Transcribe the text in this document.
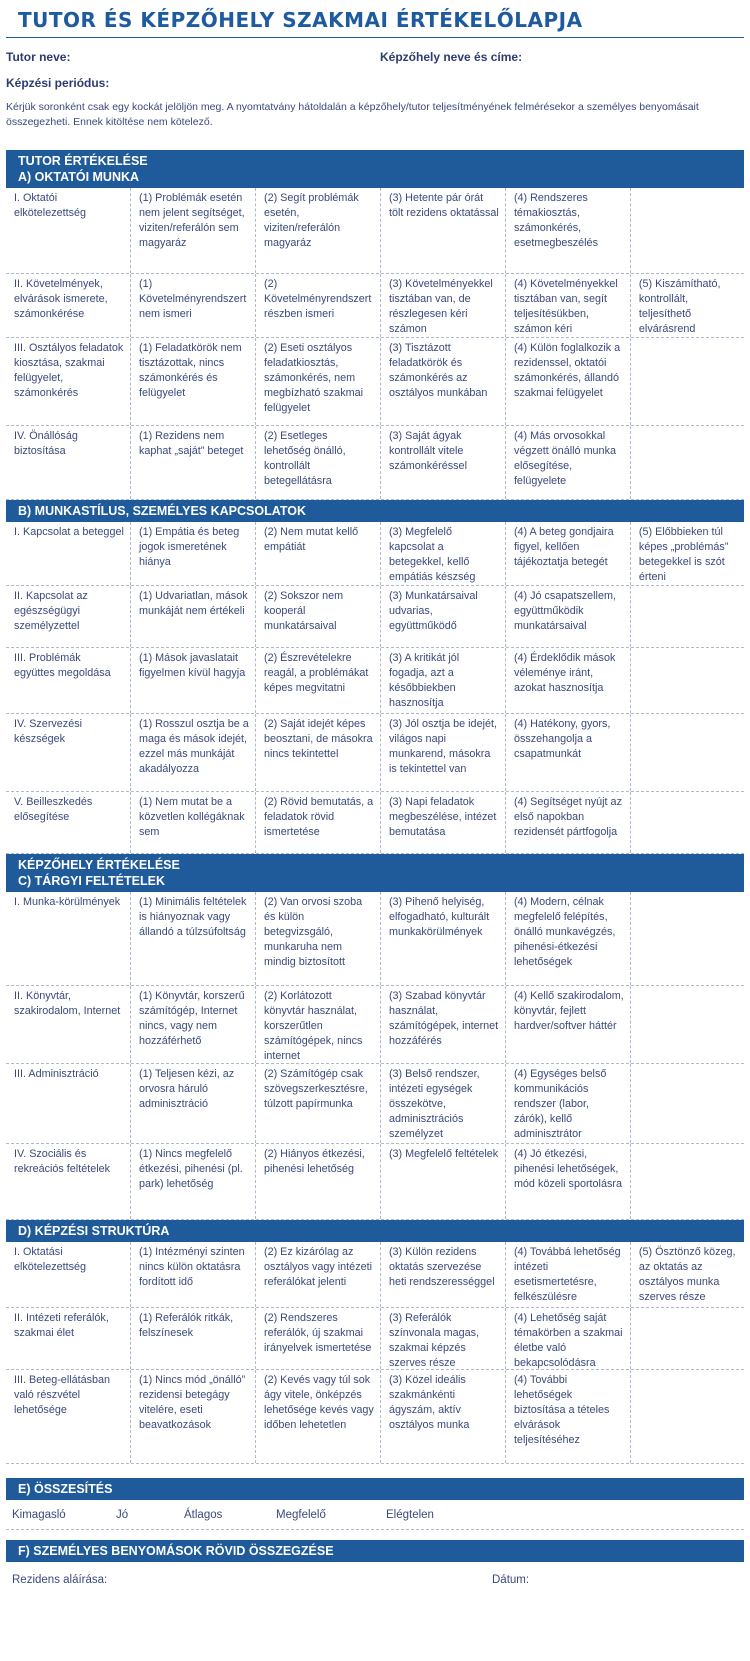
TUTOR ÉS KÉPZŐHELY SZAKMAI ÉRTÉKELŐLAPJA
Tutor neve:	Képzőhely neve és címe:
Képzési periódus:
Kérjük soronként csak egy kockát jelöljön meg. A nyomtatvány hátoldalán a képzőhely/tutor teljesítményének felmérésekor a személyes benyomásait összegezheti. Ennek kitöltése nem kötelező.
TUTOR ÉRTÉKELÉSE
A) OKTATÓI MUNKA
I. Oktatói elkötelezettség
(1) Problémák esetén nem jelent segítséget, viziten/referálón sem magyaráz
(2) Segít problémák esetén, viziten/referálón magyaráz
(3) Hetente pár órát tölt rezidens oktatással
(4) Rendszeres témakiosztás, számonkérés, esetmegbeszélés
II. Követelmények, elvárások ismerete, számonkérése
(1) Követelményrendszert nem ismeri
(2) Követelményrendszert részben ismeri
(3) Követelményekkel tisztában van, de részlegesen kéri számon
(4) Követelményekkel tisztában van, segít teljesítésükben, számon kéri
(5) Kiszámítható, kontrollált, teljesíthető elvárásrend
III. Osztályos feladatok kiosztása, szakmai felügyelet, számonkérés
(1) Feladatkörök nem tisztázottak, nincs számonkérés és felügyelet
(2) Eseti osztályos feladatkiosztás, számonkérés, nem megbízható szakmai felügyelet
(3) Tisztázott feladatkörök és számonkérés az osztályos munkában
(4) Külön foglalkozik a rezidenssel, oktatói számonkérés, állandó szakmai felügyelet
IV. Önállóság biztosítása
(1) Rezidens nem kaphat „saját” beteget
(2) Esetleges lehetőség önálló, kontrollált betegellátásra
(3) Saját ágyak kontrollált vitele számonkéréssel
(4) Más orvosokkal végzett önálló munka elősegítése, felügyelete
B) MUNKASTÍLUS, SZEMÉLYES KAPCSOLATOK
I. Kapcsolat a beteggel	(1) Empátia és beteg jogok ismeretének hiánya
(2) Nem mutat kellő empátiát
(3) Megfelelő kapcsolat a betegekkel, kellő empátiás készség
(4) A beteg gondjaira figyel, kellően tájékoztatja betegét
(5) Előbbieken túl képes „problémás” betegekkel is szót érteni
II. Kapcsolat az egészségügyi személyzettel
(1) Udvariatlan, mások munkáját nem értékeli
(2) Sokszor nem kooperál munkatársaival
(3) Munkatársaival udvarias, együttműködő
(4) Jó csapatszellem, együttműködik munkatársaival
III. Problémák együttes megoldása
(1) Mások javaslatait figyelmen kívül hagyja
(2) Észrevételekre reagál, a problémákat képes megvitatni
(3) A kritikát jól fogadja, azt a későbbiekben hasznosítja
(4) Érdeklődik mások véleménye iránt, azokat hasznosítja
IV. Szervezési készségek
(1) Rosszul osztja be a maga és mások idejét, ezzel más munkáját akadályozza
(2) Saját idejét képes beosztani, de másokra nincs tekintettel
(3) Jól osztja be idejét, világos napi munkarend, másokra is tekintettel van
(4) Hatékony, gyors, összehangolja a csapatmunkát
V. Beilleszkedés elősegítése
(1) Nem mutat be a közvetlen kollégáknak sem
(2) Rövid bemutatás, a feladatok rövid ismertetése
(3) Napi feladatok megbeszélése, intézet bemutatása
(4) Segítséget nyújt az első napokban rezidensét pártfogolja
KÉPZŐHELY ÉRTÉKELÉSE
C) TÁRGYI FELTÉTELEK
I. Munka-körülmények	(1) Minimális feltételek is hiányoznak vagy állandó a túlzsúfoltság
(2) Van orvosi szoba és külön betegvizsgáló, munkaruha nem mindig biztosított
(3) Pihenő helyiség, elfogadható, kulturált munkakörülmények
(4) Modern, célnak megfelelő felépítés, önálló munkavégzés, pihenési-étkezési lehetőségek
II. Könyvtár, szakirodalom, Internet
(1) Könyvtár, korszerű számítógép, Internet nincs, vagy nem hozzáférhető
(2) Korlátozott könyvtár használat, korszerűtlen számítógépek, nincs internet
(3) Szabad könyvtár használat, számítógépek, internet hozzáférés
(4) Kellő szakirodalom, könyvtár, fejlett hardver/softver háttér
III. Adminisztráció	(1) Teljesen kézi, az orvosra háruló adminisztráció
(2) Számítógép csak szövegszerkesztésre, túlzott papírmunka
(3) Belső rendszer, intézeti egységek összekötve, adminisztrációs személyzet
(4) Egységes belső kommunikációs rendszer (labor, zárók), kellő adminisztrátor
IV. Szociális és rekreációs feltételek
(1) Nincs megfelelő étkezési, pihenési (pl. park) lehetőség
(2) Hiányos étkezési, pihenési lehetőség
(3) Megfelelő feltételek	(4) Jó étkezési, pihenési lehetőségek, mód közeli sportolásra
D) KÉPZÉSI STRUKTÚRA
I. Oktatási elkötelezettség
(1) Intézményi szinten nincs külön oktatásra fordított idő
(2) Ez kizárólag az osztályos vagy intézeti referálókat jelenti
(3) Külön rezidens oktatás szervezése heti rendszerességgel
(4) Továbbá lehetőség intézeti esetismertetésre, felkészülésre
(5) Ösztönző közeg, az oktatás az osztályos munka szerves része
II. Intézeti referálók, szakmai élet
(1) Referálók ritkák, felszínesek
(2) Rendszeres referálók, új szakmai irányelvek ismertetése
(3) Referálók színvonala magas, szakmai képzés szerves része
(4) Lehetőség saját témakörben a szakmai életbe való bekapcsolódásra
III. Beteg-ellátásban való részvétel lehetősége
(1) Nincs mód „önálló” rezidensi betegágy vitelére, eseti beavatkozások
(2) Kevés vagy túl sok ágy vitele, önképzés lehetősége kevés vagy időben lehetetlen
(3) Közel ideális szakmánkénti ágyszám, aktív osztályos munka
(4) További lehetőségek biztosítása a tételes elvárások teljesítéséhez
E) ÖSSZESÍTÉS
Kimagasló	Jó	Átlagos	Megfelelő	Elégtelen
F) SZEMÉLYES BENYOMÁSOK RÖVID ÖSSZEGZÉSE
Rezidens aláírása:	Dátum:
